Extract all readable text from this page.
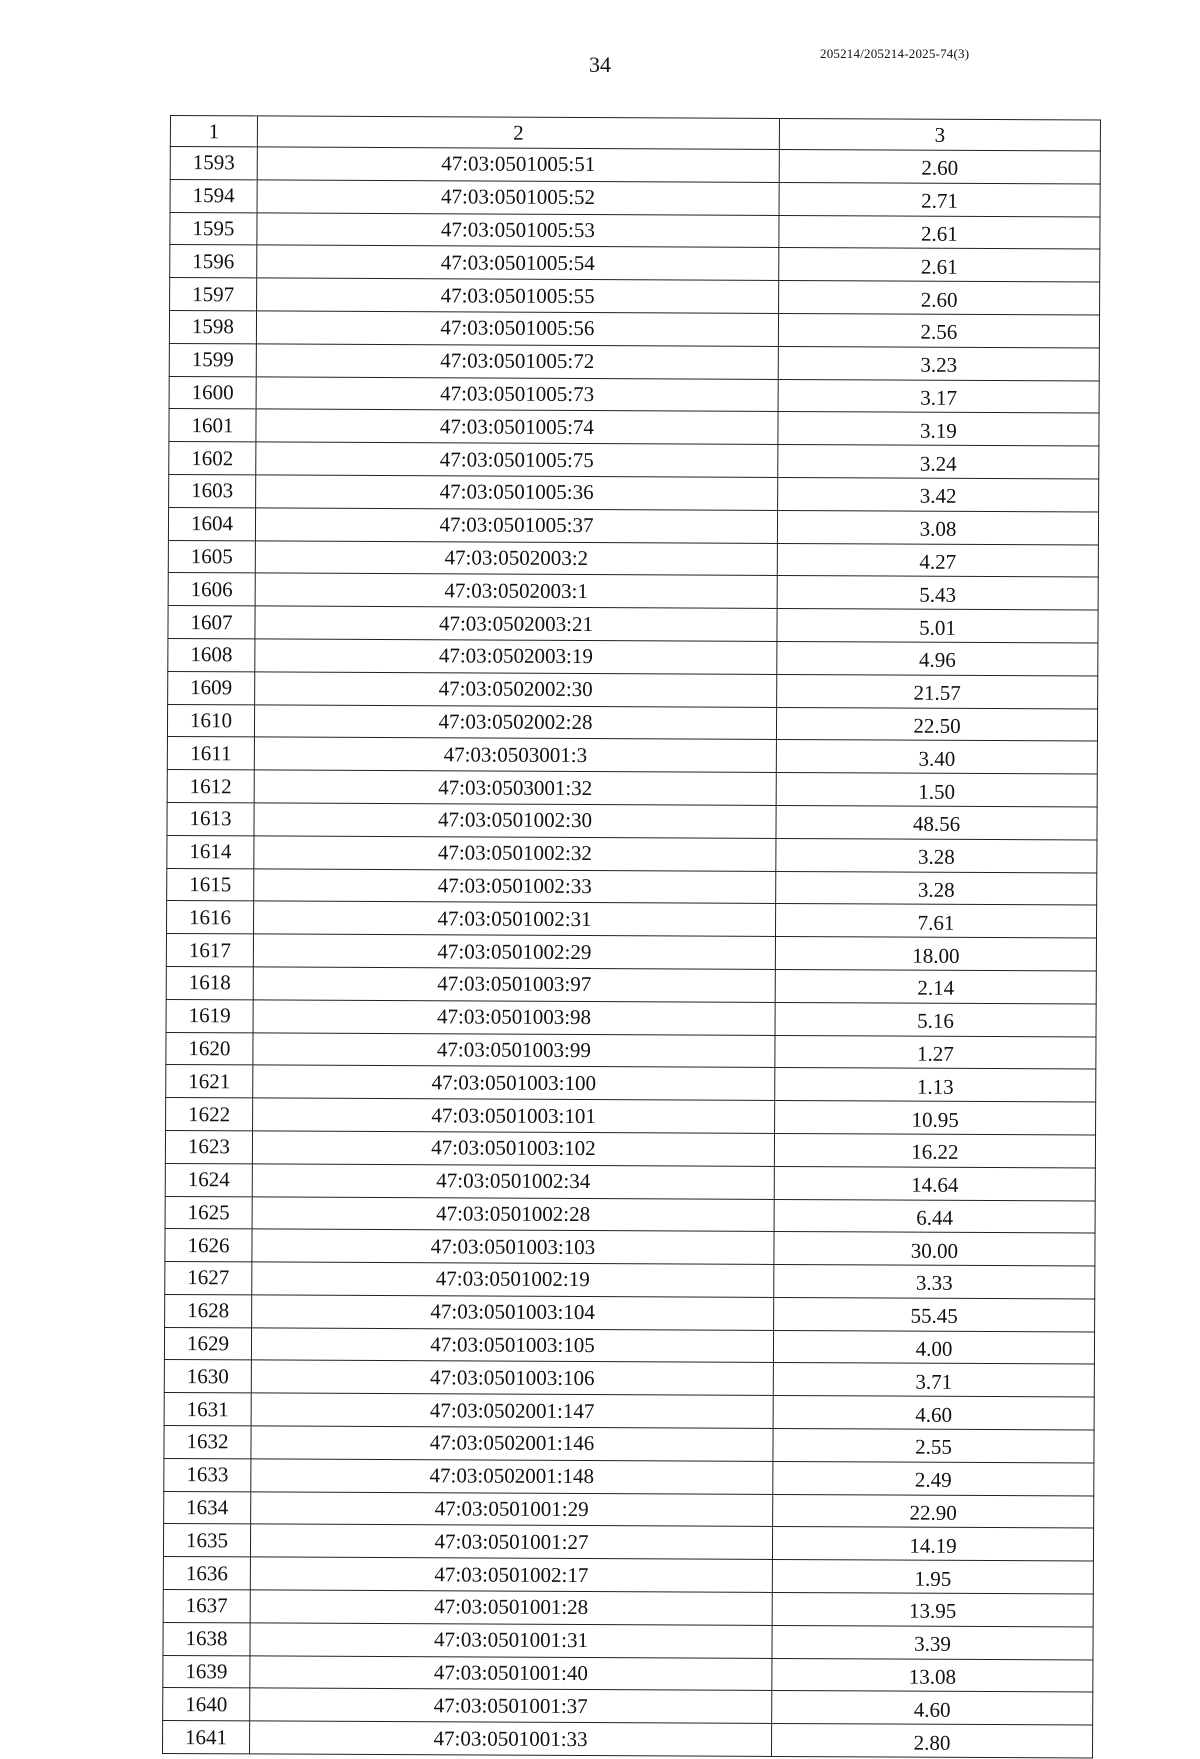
34	205214/205214-2025-74(3)
1	2	3
1593	47:03:0501005:51	2.60
1594	47:03:0501005:52	2.71
1595	47:03:0501005:53	2.61
1596	47:03:0501005:54	2.61
1597	47:03:0501005:55	2.60
1598	47:03:0501005:56	2.56
1599	47:03:0501005:72	3.23
1600	47:03:0501005:73	3.17
1601	47:03:0501005:74	3.19
1602	47:03:0501005:75	3.24
1603	47:03:0501005:36	3.42
1604	47:03:0501005:37	3.08
1605	47:03:0502003:2	4.27
1606	47:03:0502003:1	5.43
1607	47:03:0502003:21	5.01
1608	47:03:0502003:19	4.96
1609	47:03:0502002:30	21.57
1610	47:03:0502002:28	22.50
1611	47:03:0503001:3	3.40
1612	47:03:0503001:32	1.50
1613	47:03:0501002:30	48.56
1614	47:03:0501002:32	3.28
1615	47:03:0501002:33	3.28
1616	47:03:0501002:31	7.61
1617	47:03:0501002:29	18.00
1618	47:03:0501003:97	2.14
1619	47:03:0501003:98	5.16
1620	47:03:0501003:99	1.27
1621	47:03:0501003:100	1.13
1622	47:03:0501003:101	10.95
1623	47:03:0501003:102	16.22
1624	47:03:0501002:34	14.64
1625	47:03:0501002:28	6.44
1626	47:03:0501003:103	30.00
1627	47:03:0501002:19	3.33
1628	47:03:0501003:104	55.45
1629	47:03:0501003:105	4.00
1630	47:03:0501003:106	3.71
1631	47:03:0502001:147	4.60
1632	47:03:0502001:146	2.55
1633	47:03:0502001:148	2.49
1634	47:03:0501001:29	22.90
1635	47:03:0501001:27	14.19
1636	47:03:0501002:17	1.95
1637	47:03:0501001:28	13.95
1638	47:03:0501001:31	3.39
1639	47:03:0501001:40	13.08
1640	47:03:0501001:37	4.60
1641	47:03:0501001:33	2.80
